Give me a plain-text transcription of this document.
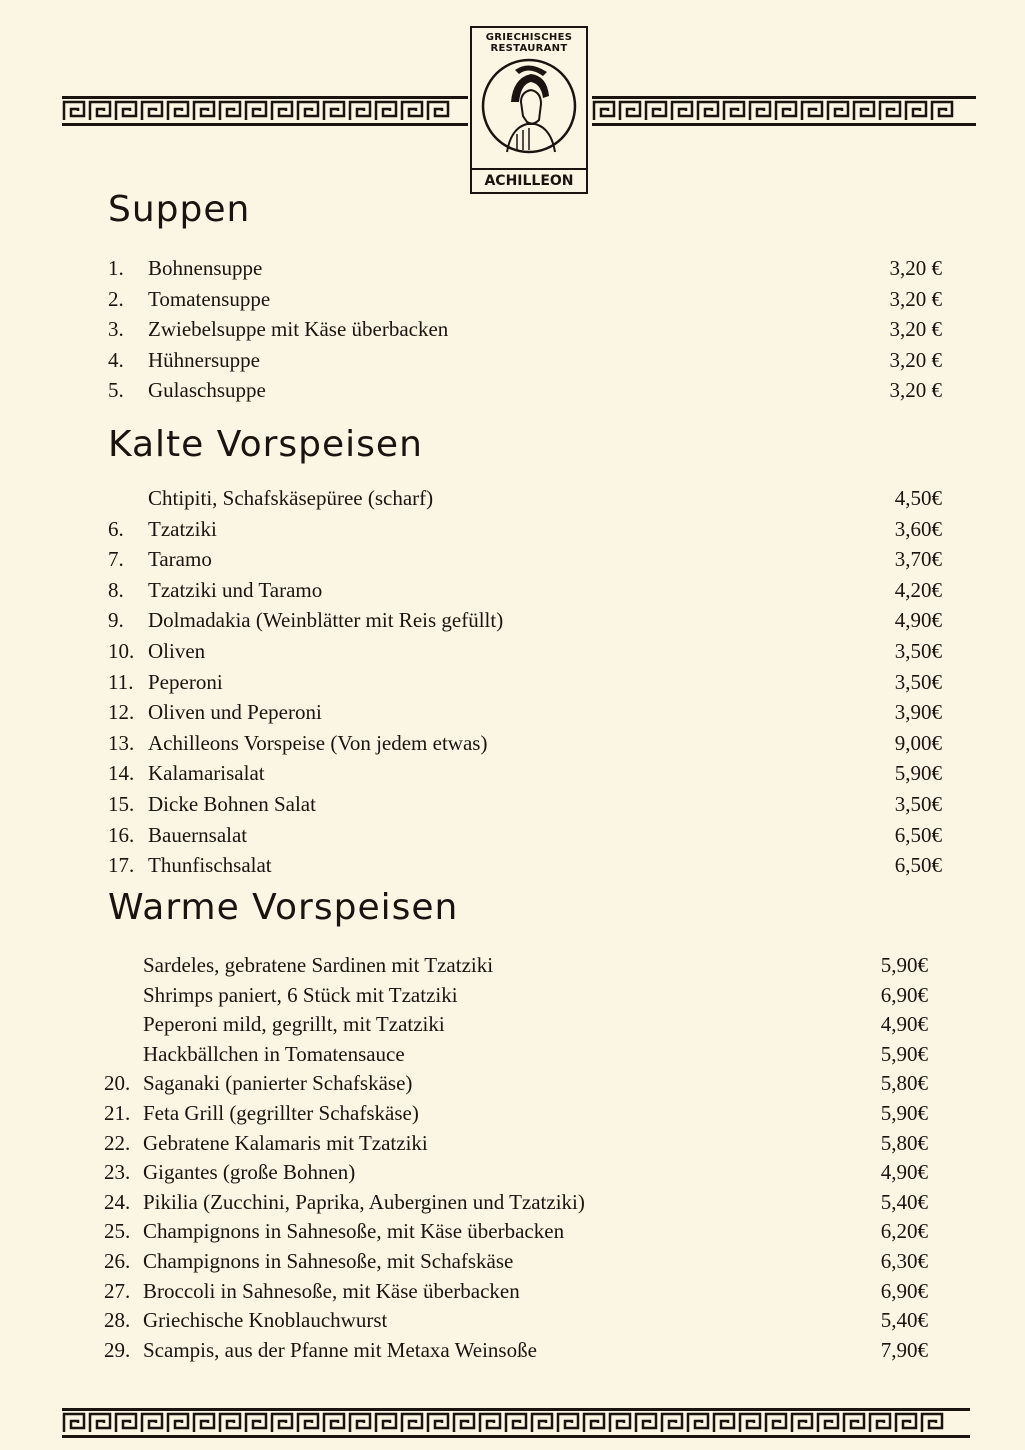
GRIECHISCHES
RESTAURANT
ACHILLEON
Suppen
1. Bohnensuppe	3,20 €
2. Tomatensuppe	3,20 €
3. Zwiebelsuppe mit Käse überbacken	3,20 €
4. Hühnersuppe	3,20 €
5. Gulaschsuppe	3,20 €
Kalte Vorspeisen
Chtipiti, Schafskäsepüree (scharf)	4,50€
6. Tzatziki	3,60€
7. Taramo	3,70€
8. Tzatziki und Taramo	4,20€
9. Dolmadakia (Weinblätter mit Reis gefüllt)	4,90€
10. Oliven	3,50€
11. Peperoni	3,50€
12. Oliven und Peperoni	3,90€
13. Achilleons Vorspeise (Von jedem etwas)	9,00€
14. Kalamarisalat	5,90€
15. Dicke Bohnen Salat	3,50€
16. Bauernsalat	6,50€
17. Thunfischsalat	6,50€
Warme Vorspeisen
Sardeles, gebratene Sardinen mit Tzatziki	5,90€
Shrimps paniert, 6 Stück mit Tzatziki	6,90€
Peperoni mild, gegrillt, mit Tzatziki	4,90€
Hackbällchen in Tomatensauce	5,90€
20. Saganaki (panierter Schafskäse)	5,80€
21. Feta Grill (gegrillter Schafskäse)	5,90€
22. Gebratene Kalamaris mit Tzatziki	5,80€
23. Gigantes (große Bohnen)	4,90€
24. Pikilia (Zucchini, Paprika, Auberginen und Tzatziki)	5,40€
25. Champignons in Sahnesoße, mit Käse überbacken	6,20€
26. Champignons in Sahnesoße, mit Schafskäse	6,30€
27. Broccoli in Sahnesoße, mit Käse überbacken	6,90€
28. Griechische Knoblauchwurst	5,40€
29. Scampis, aus der Pfanne mit Metaxa Weinsoße	7,90€
